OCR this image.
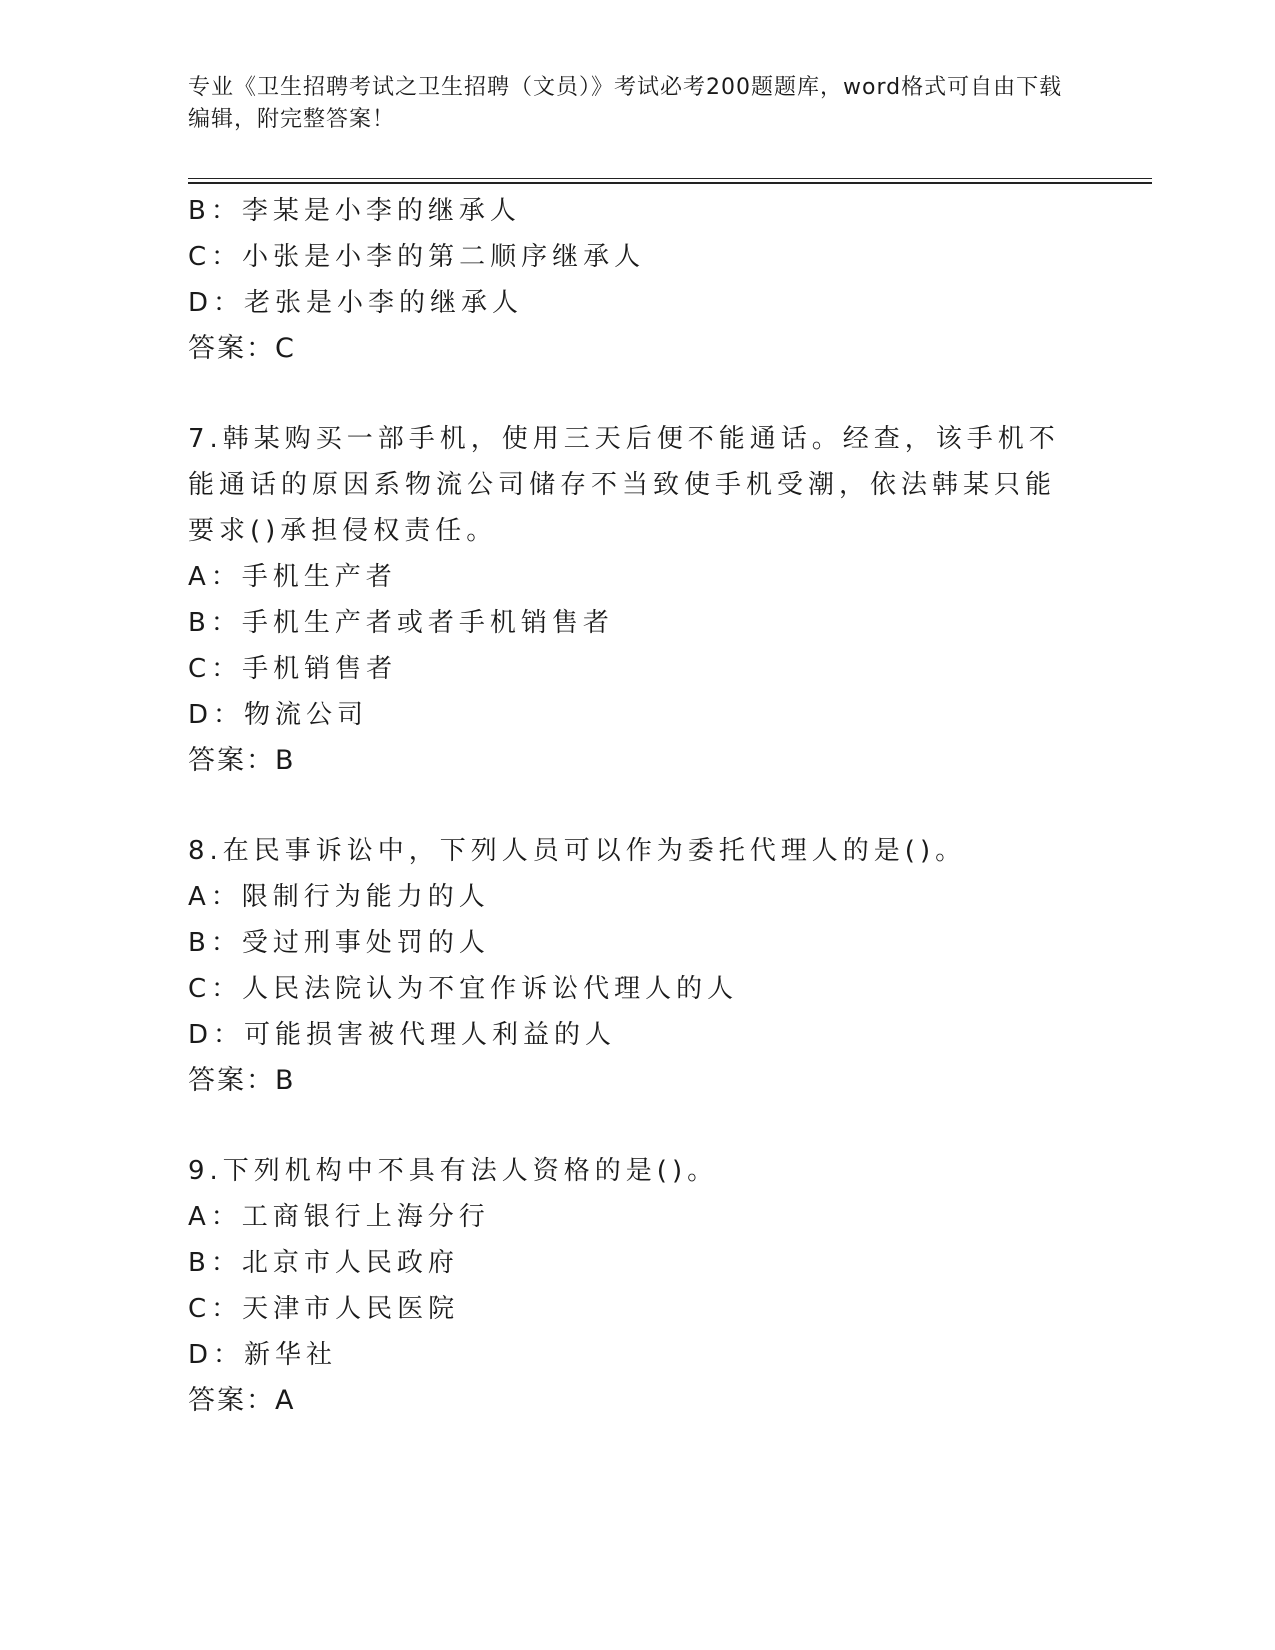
专业《卫生招聘考试之卫生招聘（文员）》考试必考200题题库，word格式可自由下载编辑，附完整答案！
B：李某是小李的继承人
C：小张是小李的第二顺序继承人
D：老张是小李的继承人
答案：C
7.韩某购买一部手机，使用三天后便不能通话。经查，该手机不能通话的原因系物流公司储存不当致使手机受潮，依法韩某只能要求()承担侵权责任。
A：手机生产者
B：手机生产者或者手机销售者
C：手机销售者
D：物流公司
答案：B
8.在民事诉讼中，下列人员可以作为委托代理人的是()。
A：限制行为能力的人
B：受过刑事处罚的人
C：人民法院认为不宜作诉讼代理人的人
D：可能损害被代理人利益的人
答案：B
9.下列机构中不具有法人资格的是()。
A：工商银行上海分行
B：北京市人民政府
C：天津市人民医院
D：新华社
答案：A
